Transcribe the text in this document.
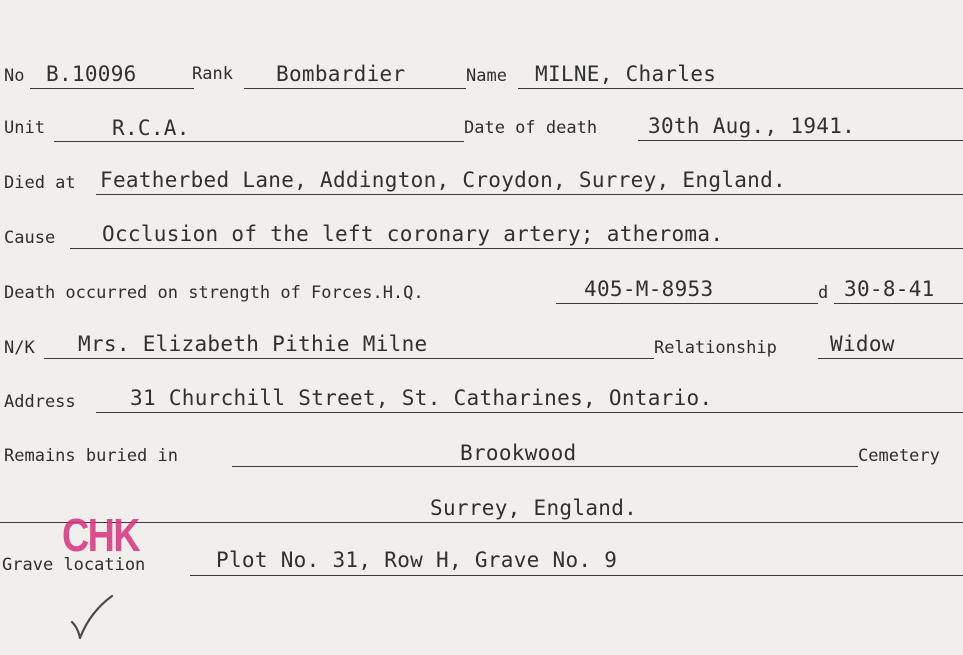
No B.10096	Rank Bombardier	Name MILNE, Charles
Unit	R.C.A.	Date of death 30th Aug., 1941.
Died at Featherbed Lane, Addington, Croydon, Surrey, England.
Cause Occlusion of the left coronary artery; atheroma.
Death occurred on strength of Forces.H.Q.	405-M-8953	d 30-8-41
N/K Mrs. Elizabeth Pithie Milne	Relationship	Widow
Address	31 Churchill Street, St. Catharines, Ontario.
Remains buried in	Brookwood	Cemetery
Surrey, England.
CHK
Grave location	Plot No. 31, Row H, Grave No. 9
